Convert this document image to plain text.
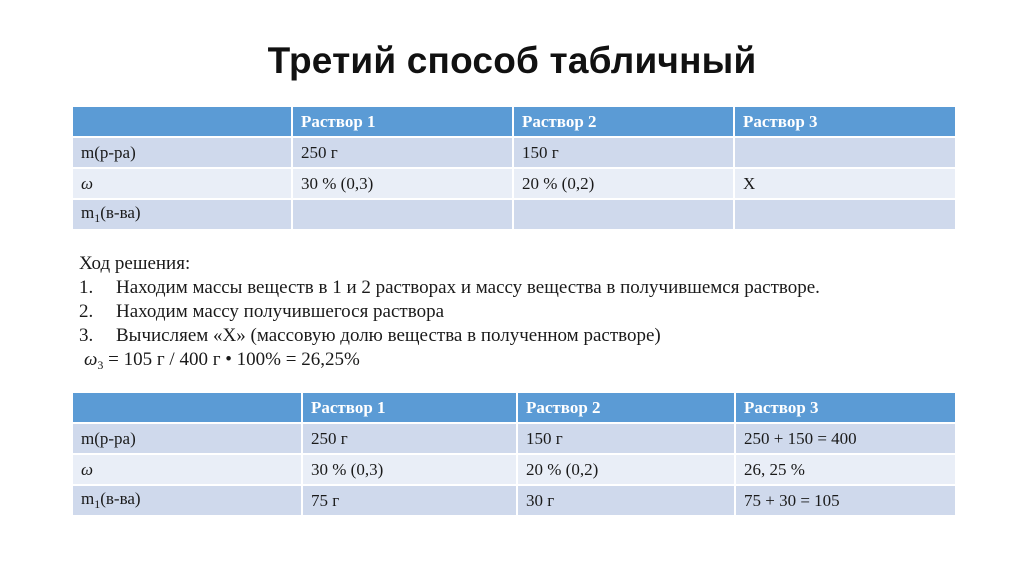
Третий способ табличный
	Раствор 1	Раствор 2	Раствор 3
m(р-ра)	250 г	150 г	
ω	30 % (0,3)	20 % (0,2)	Х
$m_1(в-ва)$			
Ход решения:
1. Находим массы веществ в 1 и 2 растворах и массу вещества в получившемся растворе.
2. Находим массу получившегося раствора
3. Вычисляем «Х» (массовую долю вещества в полученном растворе)
$\omega_3 = 105$ г / 400 г • 100% = 26,25%
	Раствор 1	Раствор 2	Раствор 3
m(р-ра)	250 г	150 г	250 + 150 = 400
ω	30 % (0,3)	20 % (0,2)	26, 25 %
$m_1(в-ва)$	75 г	30 г	75 + 30 = 105
